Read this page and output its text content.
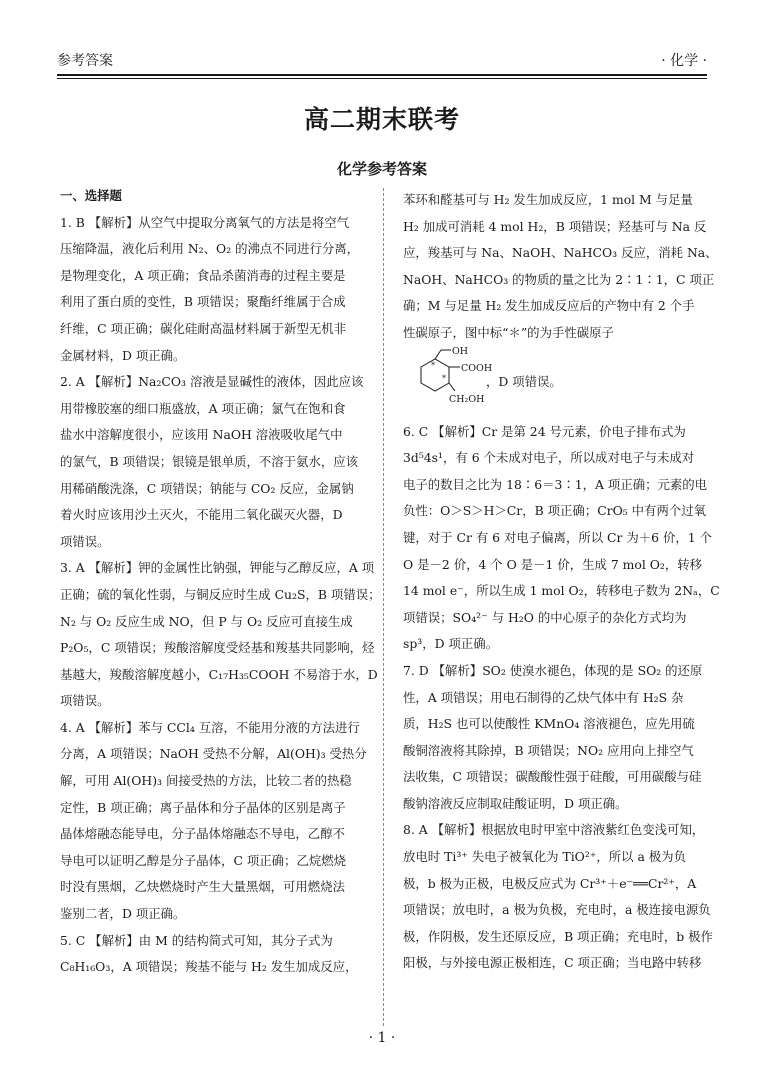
参考答案	· 化学 ·
高二期末联考
化学参考答案
一、选择题
1. B 【解析】从空气中提取分离氧气的方法是将空气
压缩降温，液化后利用 N₂、O₂ 的沸点不同进行分离，
是物理变化，A 项正确；食品杀菌消毒的过程主要是
利用了蛋白质的变性，B 项错误；聚酯纤维属于合成
纤维，C 项正确；碳化硅耐高温材料属于新型无机非
金属材料，D 项正确。
2. A 【解析】Na₂CO₃ 溶液是显碱性的液体，因此应该
用带橡胶塞的细口瓶盛放，A 项正确；氯气在饱和食
盐水中溶解度很小，应该用 NaOH 溶液吸收尾气中
的氯气，B 项错误；银镜是银单质，不溶于氨水，应该
用稀硝酸洗涤，C 项错误；钠能与 CO₂ 反应，金属钠
着火时应该用沙土灭火，不能用二氧化碳灭火器，D
项错误。
3. A 【解析】钾的金属性比钠强，钾能与乙醇反应，A 项
正确；硫的氧化性弱，与铜反应时生成 Cu₂S，B 项错误；
N₂ 与 O₂ 反应生成 NO，但 P 与 O₂ 反应可直接生成
P₂O₅，C 项错误；羧酸溶解度受烃基和羧基共同影响，烃
基越大，羧酸溶解度越小，C₁₇H₃₅COOH 不易溶于水，D
项错误。
4. A 【解析】苯与 CCl₄ 互溶，不能用分液的方法进行
分离，A 项错误；NaOH 受热不分解，Al(OH)₃ 受热分
解，可用 Al(OH)₃ 间接受热的方法，比较二者的热稳
定性，B 项正确；离子晶体和分子晶体的区别是离子
晶体熔融态能导电，分子晶体熔融态不导电，乙醇不
导电可以证明乙醇是分子晶体，C 项正确；乙烷燃烧
时没有黑烟，乙炔燃烧时产生大量黑烟，可用燃烧法
鉴别二者，D 项正确。
5. C 【解析】由 M 的结构简式可知，其分子式为
C₈H₁₆O₃，A 项错误；羧基不能与 H₂ 发生加成反应，
苯环和醛基可与 H₂ 发生加成反应，1 mol M 与足量
H₂ 加成可消耗 4 mol H₂，B 项错误；羟基可与 Na 反
应，羧基可与 Na、NaOH、NaHCO₃ 反应，消耗 Na、
NaOH、NaHCO₃ 的物质的量之比为 2∶1∶1，C 项正
确；M 与足量 H₂ 发生加成反应后的产物中有 2 个手
性碳原子，图中标“＊”的为手性碳原子
OH
COOH
CH₂OH
*
*	，D 项错误。
6. C 【解析】Cr 是第 24 号元素，价电子排布式为
3d⁵4s¹，有 6 个未成对电子，所以成对电子与未成对
电子的数目之比为 18∶6＝3∶1，A 项正确；元素的电
负性：O＞S＞H＞Cr，B 项正确；CrO₅ 中有两个过氧
键，对于 Cr 有 6 对电子偏离，所以 Cr 为＋6 价，1 个
O 是－2 价，4 个 O 是－1 价，生成 7 mol O₂，转移
14 mol e⁻，所以生成 1 mol O₂，转移电子数为 2Nₐ，C
项错误；SO₄²⁻ 与 H₂O 的中心原子的杂化方式均为
sp³，D 项正确。
7. D 【解析】SO₂ 使溴水褪色，体现的是 SO₂ 的还原
性，A 项错误；用电石制得的乙炔气体中有 H₂S 杂
质，H₂S 也可以使酸性 KMnO₄ 溶液褪色，应先用硫
酸铜溶液将其除掉，B 项错误；NO₂ 应用向上排空气
法收集，C 项错误；碳酸酸性强于硅酸，可用碳酸与硅
酸钠溶液反应制取硅酸证明，D 项正确。
8. A 【解析】根据放电时甲室中溶液紫红色变浅可知，
放电时 Ti³⁺ 失电子被氧化为 TiO²⁺，所以 a 极为负
极，b 极为正极，电极反应式为 Cr³⁺＋e⁻══Cr²⁺，A
项错误；放电时，a 极为负极，充电时，a 极连接电源负
极，作阴极，发生还原反应，B 项正确；充电时，b 极作
阳极，与外接电源正极相连，C 项正确；当电路中转移
· 1 ·
